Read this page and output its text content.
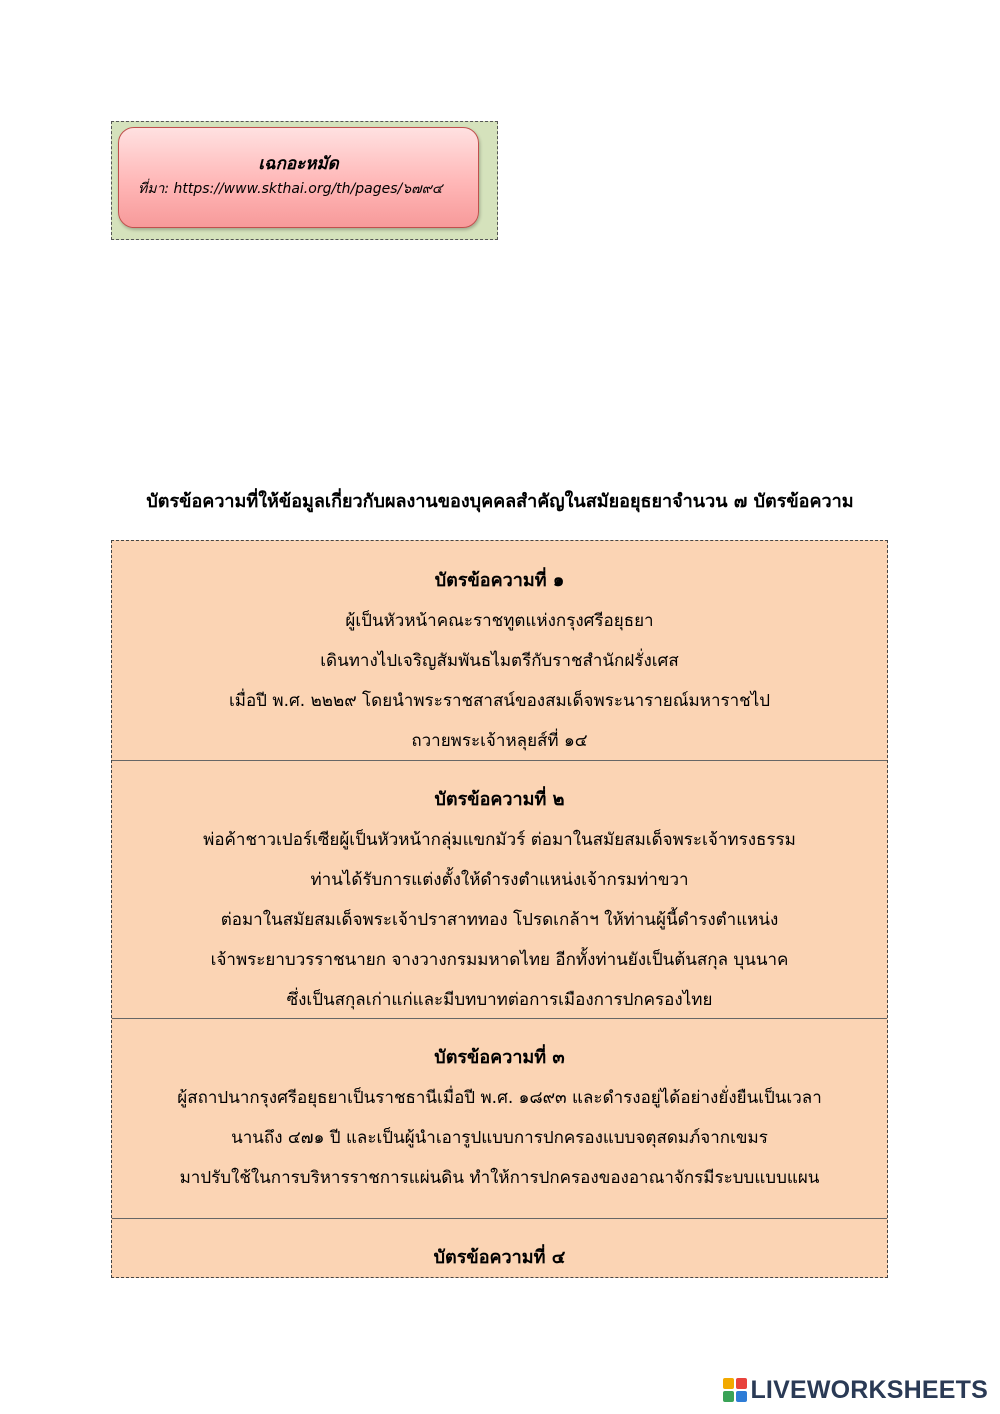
เฉกอะหมัด
ที่มา: https://www.skthai.org/th/pages/๖๗๙๔
บัตรข้อความที่ให้ข้อมูลเกี่ยวกับผลงานของบุคคลสำคัญในสมัยอยุธยาจำนวน ๗ บัตรข้อความ
บัตรข้อความที่ ๑
ผู้เป็นหัวหน้าคณะราชทูตแห่งกรุงศรีอยุธยา
เดินทางไปเจริญสัมพันธไมตรีกับราชสำนักฝรั่งเศส
เมื่อปี พ.ศ. ๒๒๒๙ โดยนำพระราชสาสน์ของสมเด็จพระนารายณ์มหาราชไป
ถวายพระเจ้าหลุยส์ที่ ๑๔
บัตรข้อความที่ ๒
พ่อค้าชาวเปอร์เซียผู้เป็นหัวหน้ากลุ่มแขกมัวร์ ต่อมาในสมัยสมเด็จพระเจ้าทรงธรรม
ท่านได้รับการแต่งตั้งให้ดำรงตำแหน่งเจ้ากรมท่าขวา
ต่อมาในสมัยสมเด็จพระเจ้าปราสาททอง โปรดเกล้าฯ ให้ท่านผู้นี้ดำรงตำแหน่ง
เจ้าพระยาบวรราชนายก จางวางกรมมหาดไทย อีกทั้งท่านยังเป็นต้นสกุล บุนนาค
ซึ่งเป็นสกุลเก่าแก่และมีบทบาทต่อการเมืองการปกครองไทย
บัตรข้อความที่ ๓
ผู้สถาปนากรุงศรีอยุธยาเป็นราชธานีเมื่อปี พ.ศ. ๑๘๙๓ และดำรงอยู่ได้อย่างยั่งยืนเป็นเวลา
นานถึง ๔๗๑ ปี และเป็นผู้นำเอารูปแบบการปกครองแบบจตุสดมภ์จากเขมร
มาปรับใช้ในการบริหารราชการแผ่นดิน ทำให้การปกครองของอาณาจักรมีระบบแบบแผน
บัตรข้อความที่ ๔
LIVEWORKSHEETS
